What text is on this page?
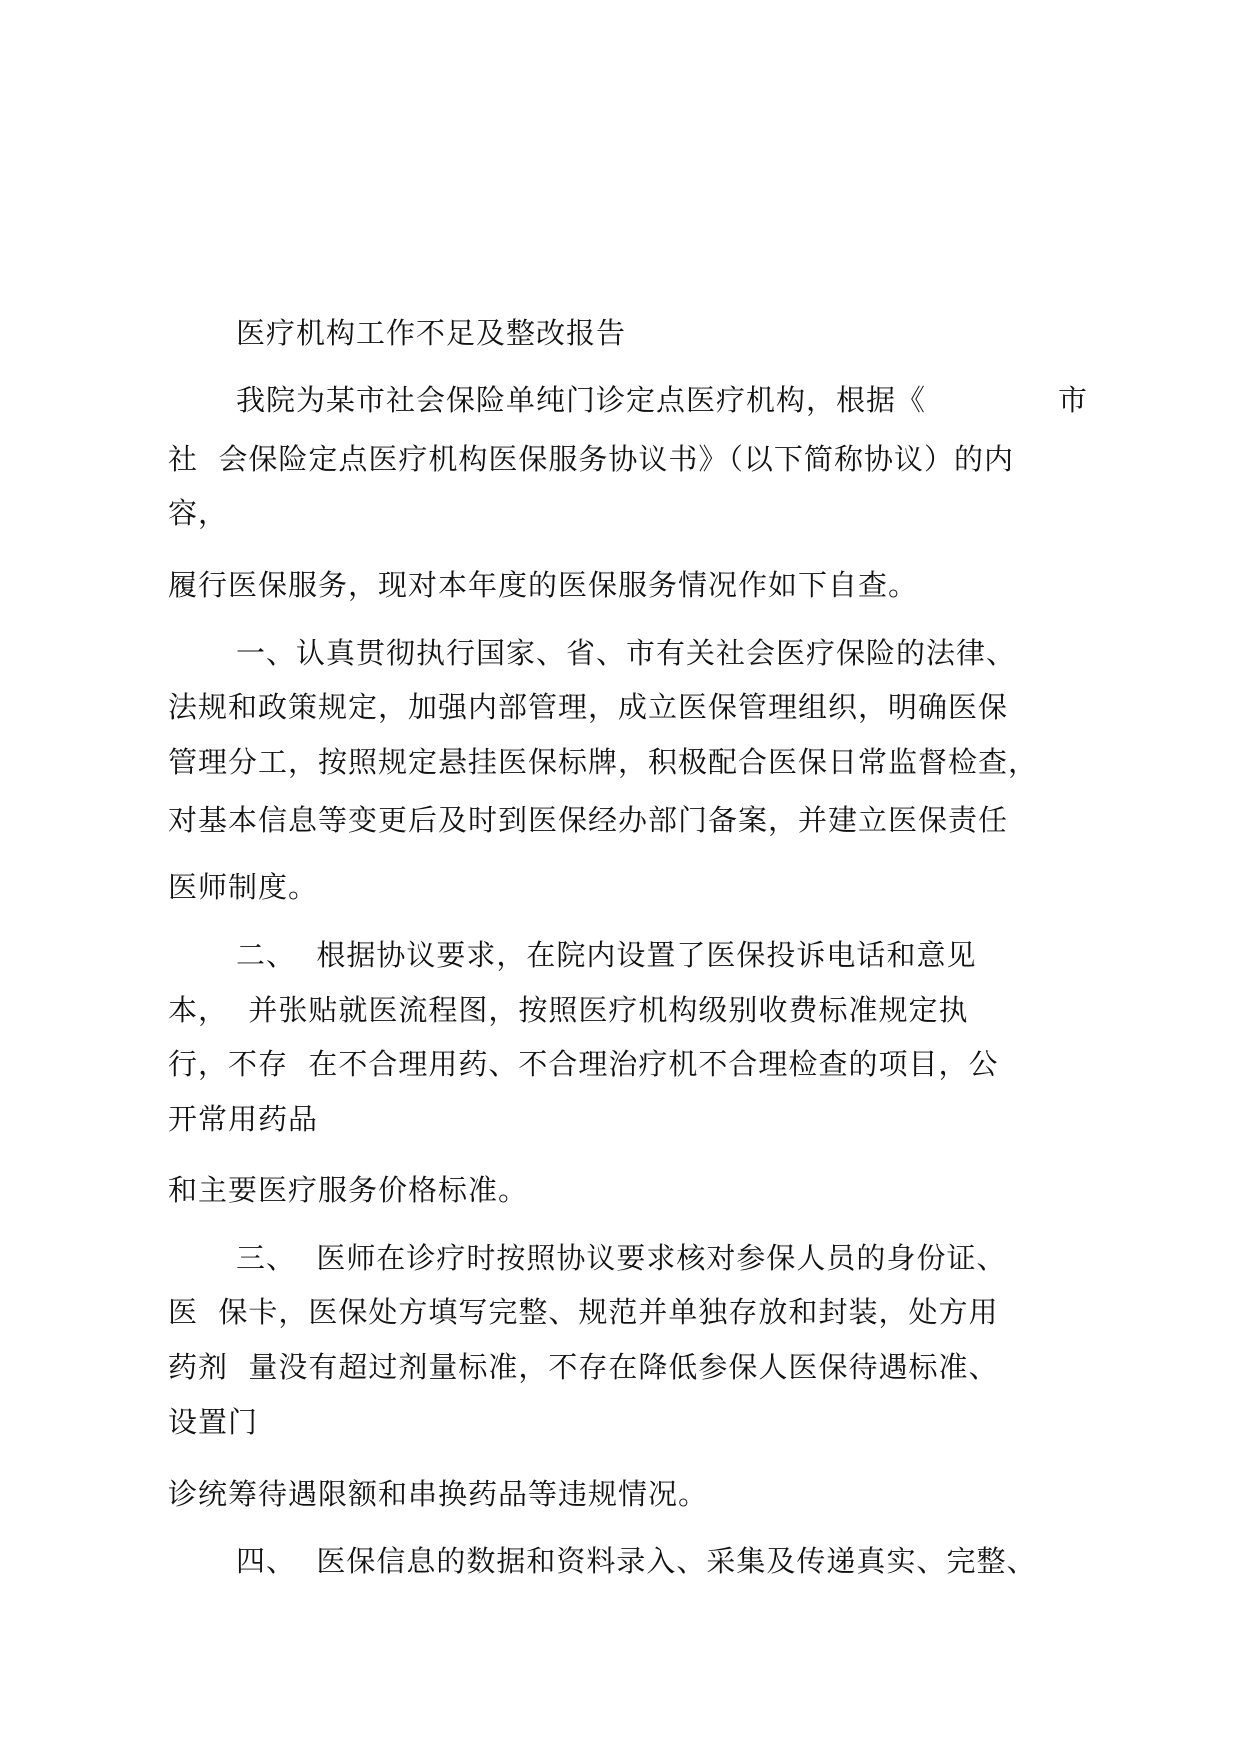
医疗机构工作不足及整改报告
我院为某市社会保险单纯门诊定点医疗机构，根据《	市
社  会保险定点医疗机构医保服务协议书》（以下简称协议）的内
容，
履行医保服务，现对本年度的医保服务情况作如下自查。
一、认真贯彻执行国家、省、市有关社会医疗保险的法律、
法规和政策规定，加强内部管理，成立医保管理组织，明确医保
管理分工，按照规定悬挂医保标牌，积极配合医保日常监督检查，
对基本信息等变更后及时到医保经办部门备案，并建立医保责任
医师制度。
二、  根据协议要求，在院内设置了医保投诉电话和意见
本，  并张贴就医流程图，按照医疗机构级别收费标准规定执
行，不存  在不合理用药、不合理治疗机不合理检查的项目，公
开常用药品
和主要医疗服务价格标准。
三、  医师在诊疗时按照协议要求核对参保人员的身份证、
医  保卡，医保处方填写完整、规范并单独存放和封装，处方用
药剂  量没有超过剂量标准，不存在降低参保人医保待遇标准、
设置门
诊统筹待遇限额和串换药品等违规情况。
四、  医保信息的数据和资料录入、采集及传递真实、完整、
